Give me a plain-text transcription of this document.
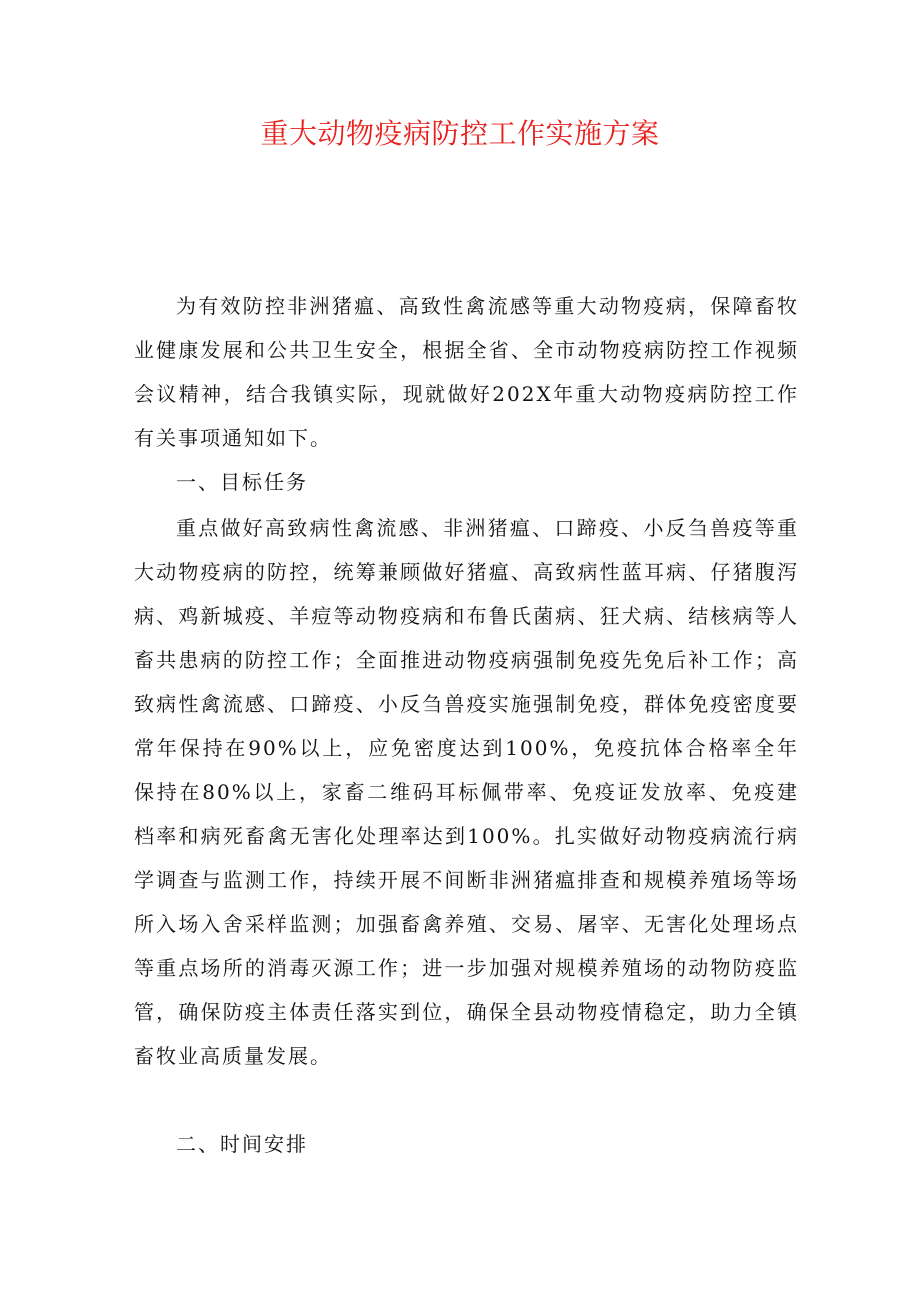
重大动物疫病防控工作实施方案

为有效防控非洲猪瘟、高致性禽流感等重大动物疫病，保障畜牧业健康发展和公共卫生安全，根据全省、全市动物疫病防控工作视频会议精神，结合我镇实际，现就做好202X年重大动物疫病防控工作有关事项通知如下。

一、目标任务

重点做好高致病性禽流感、非洲猪瘟、口蹄疫、小反刍兽疫等重大动物疫病的防控，统筹兼顾做好猪瘟、高致病性蓝耳病、仔猪腹泻病、鸡新城疫、羊痘等动物疫病和布鲁氏菌病、狂犬病、结核病等人畜共患病的防控工作；全面推进动物疫病强制免疫先免后补工作；高致病性禽流感、口蹄疫、小反刍兽疫实施强制免疫，群体免疫密度要常年保持在90%以上，应免密度达到100%，免疫抗体合格率全年保持在80%以上，家畜二维码耳标佩带率、免疫证发放率、免疫建档率和病死畜禽无害化处理率达到100%。扎实做好动物疫病流行病学调查与监测工作，持续开展不间断非洲猪瘟排查和规模养殖场等场所入场入舍采样监测；加强畜禽养殖、交易、屠宰、无害化处理场点等重点场所的消毒灭源工作；进一步加强对规模养殖场的动物防疫监管，确保防疫主体责任落实到位，确保全县动物疫情稳定，助力全镇畜牧业高质量发展。

二、时间安排
